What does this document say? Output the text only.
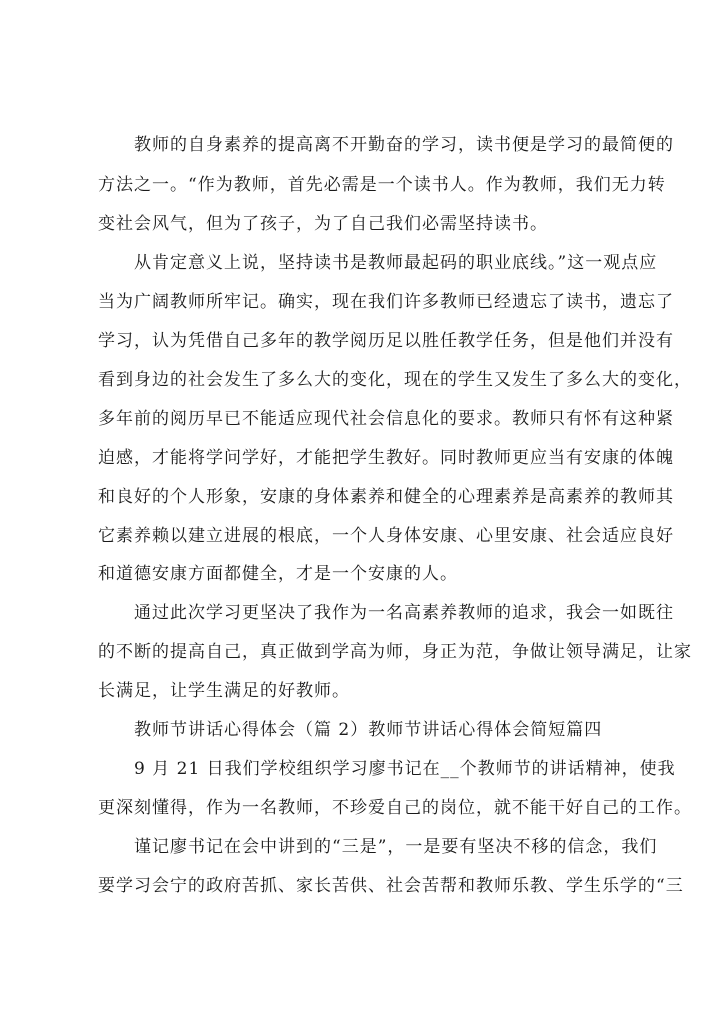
教师的自身素养的提高离不开勤奋的学习，读书便是学习的最简便的
方法之一。“作为教师，首先必需是一个读书人。作为教师，我们无力转
变社会风气，但为了孩子，为了自己我们必需坚持读书。
从肯定意义上说，坚持读书是教师最起码的职业底线。”这一观点应
当为广阔教师所牢记。确实，现在我们许多教师已经遗忘了读书，遗忘了
学习，认为凭借自己多年的教学阅历足以胜任教学任务，但是他们并没有
看到身边的社会发生了多么大的变化，现在的学生又发生了多么大的变化，
多年前的阅历早已不能适应现代社会信息化的要求。教师只有怀有这种紧
迫感，才能将学问学好，才能把学生教好。同时教师更应当有安康的体魄
和良好的个人形象，安康的身体素养和健全的心理素养是高素养的教师其
它素养赖以建立进展的根底，一个人身体安康、心里安康、社会适应良好
和道德安康方面都健全，才是一个安康的人。
通过此次学习更坚决了我作为一名高素养教师的追求，我会一如既往
的不断的提高自己，真正做到学高为师，身正为范，争做让领导满足，让家
长满足，让学生满足的好教师。
教师节讲话心得体会（篇 2）教师节讲话心得体会简短篇四
9 月 21 日我们学校组织学习廖书记在__个教师节的讲话精神，使我
更深刻懂得，作为一名教师，不珍爱自己的岗位，就不能干好自己的工作。
谨记廖书记在会中讲到的“三是”，一是要有坚决不移的信念，我们
要学习会宁的政府苦抓、家长苦供、社会苦帮和教师乐教、学生乐学的“三
